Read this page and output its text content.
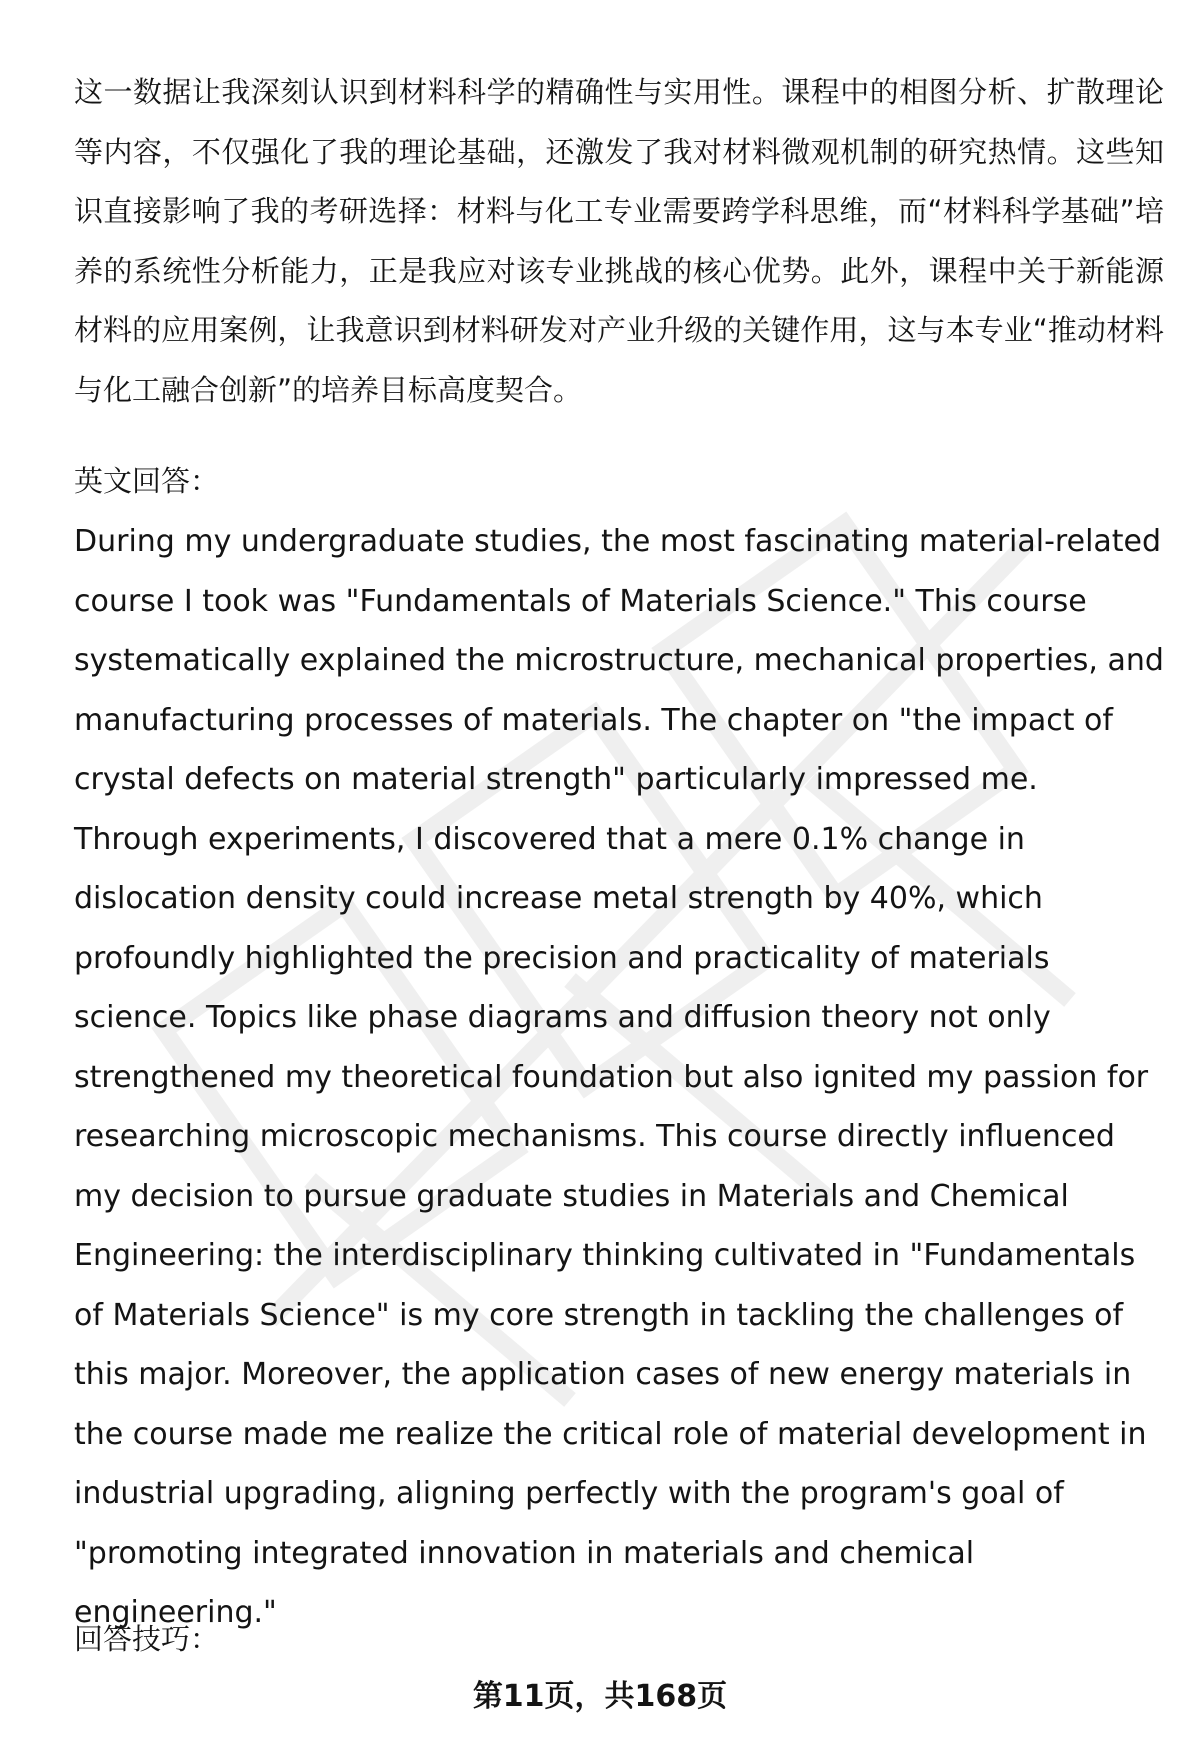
这一数据让我深刻认识到材料科学的精确性与实用性。课程中的相图分析、扩散理论等内容，不仅强化了我的理论基础，还激发了我对材料微观机制的研究热情。这些知识直接影响了我的考研选择：材料与化工专业需要跨学科思维，而“材料科学基础”培养的系统性分析能力，正是我应对该专业挑战的核心优势。此外，课程中关于新能源材料的应用案例，让我意识到材料研发对产业升级的关键作用，这与本专业“推动材料与化工融合创新”的培养目标高度契合。
英文回答：
During my undergraduate studies, the most fascinating material-related course I took was "Fundamentals of Materials Science." This course systematically explained the microstructure, mechanical properties, and manufacturing processes of materials. The chapter on "the impact of crystal defects on material strength" particularly impressed me. Through experiments, I discovered that a mere 0.1% change in dislocation density could increase metal strength by 40%, which profoundly highlighted the precision and practicality of materials science. Topics like phase diagrams and diffusion theory not only strengthened my theoretical foundation but also ignited my passion for researching microscopic mechanisms. This course directly influenced my decision to pursue graduate studies in Materials and Chemical Engineering: the interdisciplinary thinking cultivated in "Fundamentals of Materials Science" is my core strength in tackling the challenges of this major. Moreover, the application cases of new energy materials in the course made me realize the critical role of material development in industrial upgrading, aligning perfectly with the program's goal of "promoting integrated innovation in materials and chemical engineering."
回答技巧：
第11页，共168页
